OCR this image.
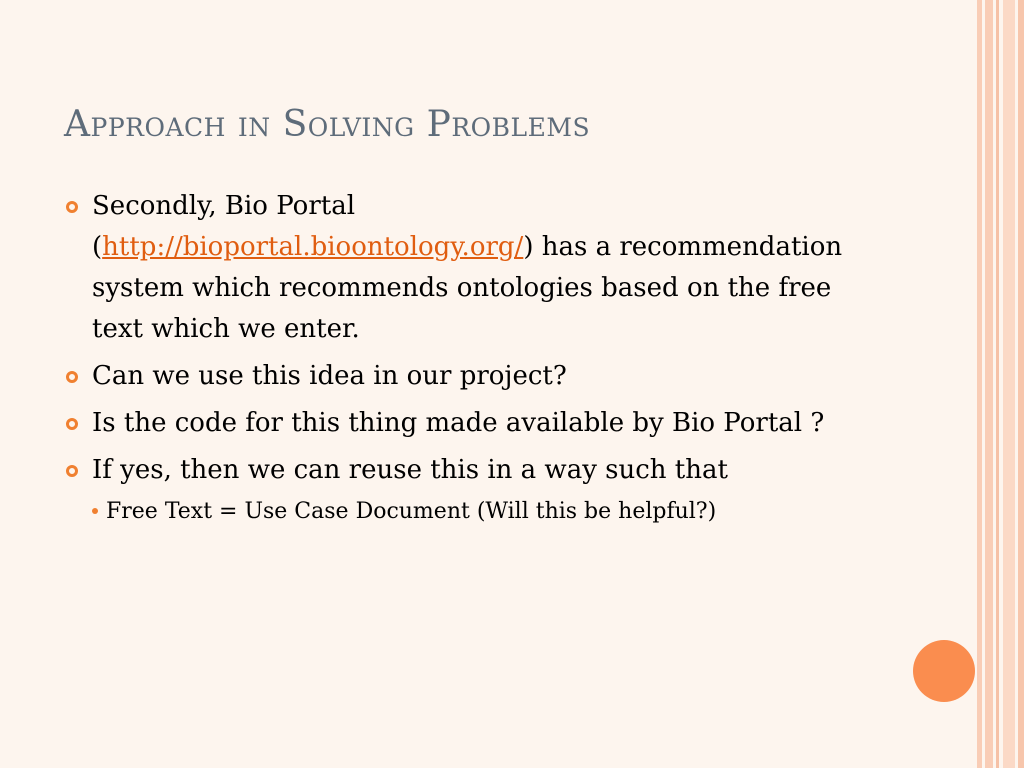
Approach in Solving Problems
Secondly, Bio Portal
(http://bioportal.bioontology.org/) has a recommendation system which recommends ontologies based on the free text which we enter.
Can we use this idea in our project?
Is the code for this thing made available by Bio Portal ?
If yes, then we can reuse this in a way such that
Free Text = Use Case Document (Will this be helpful?)
